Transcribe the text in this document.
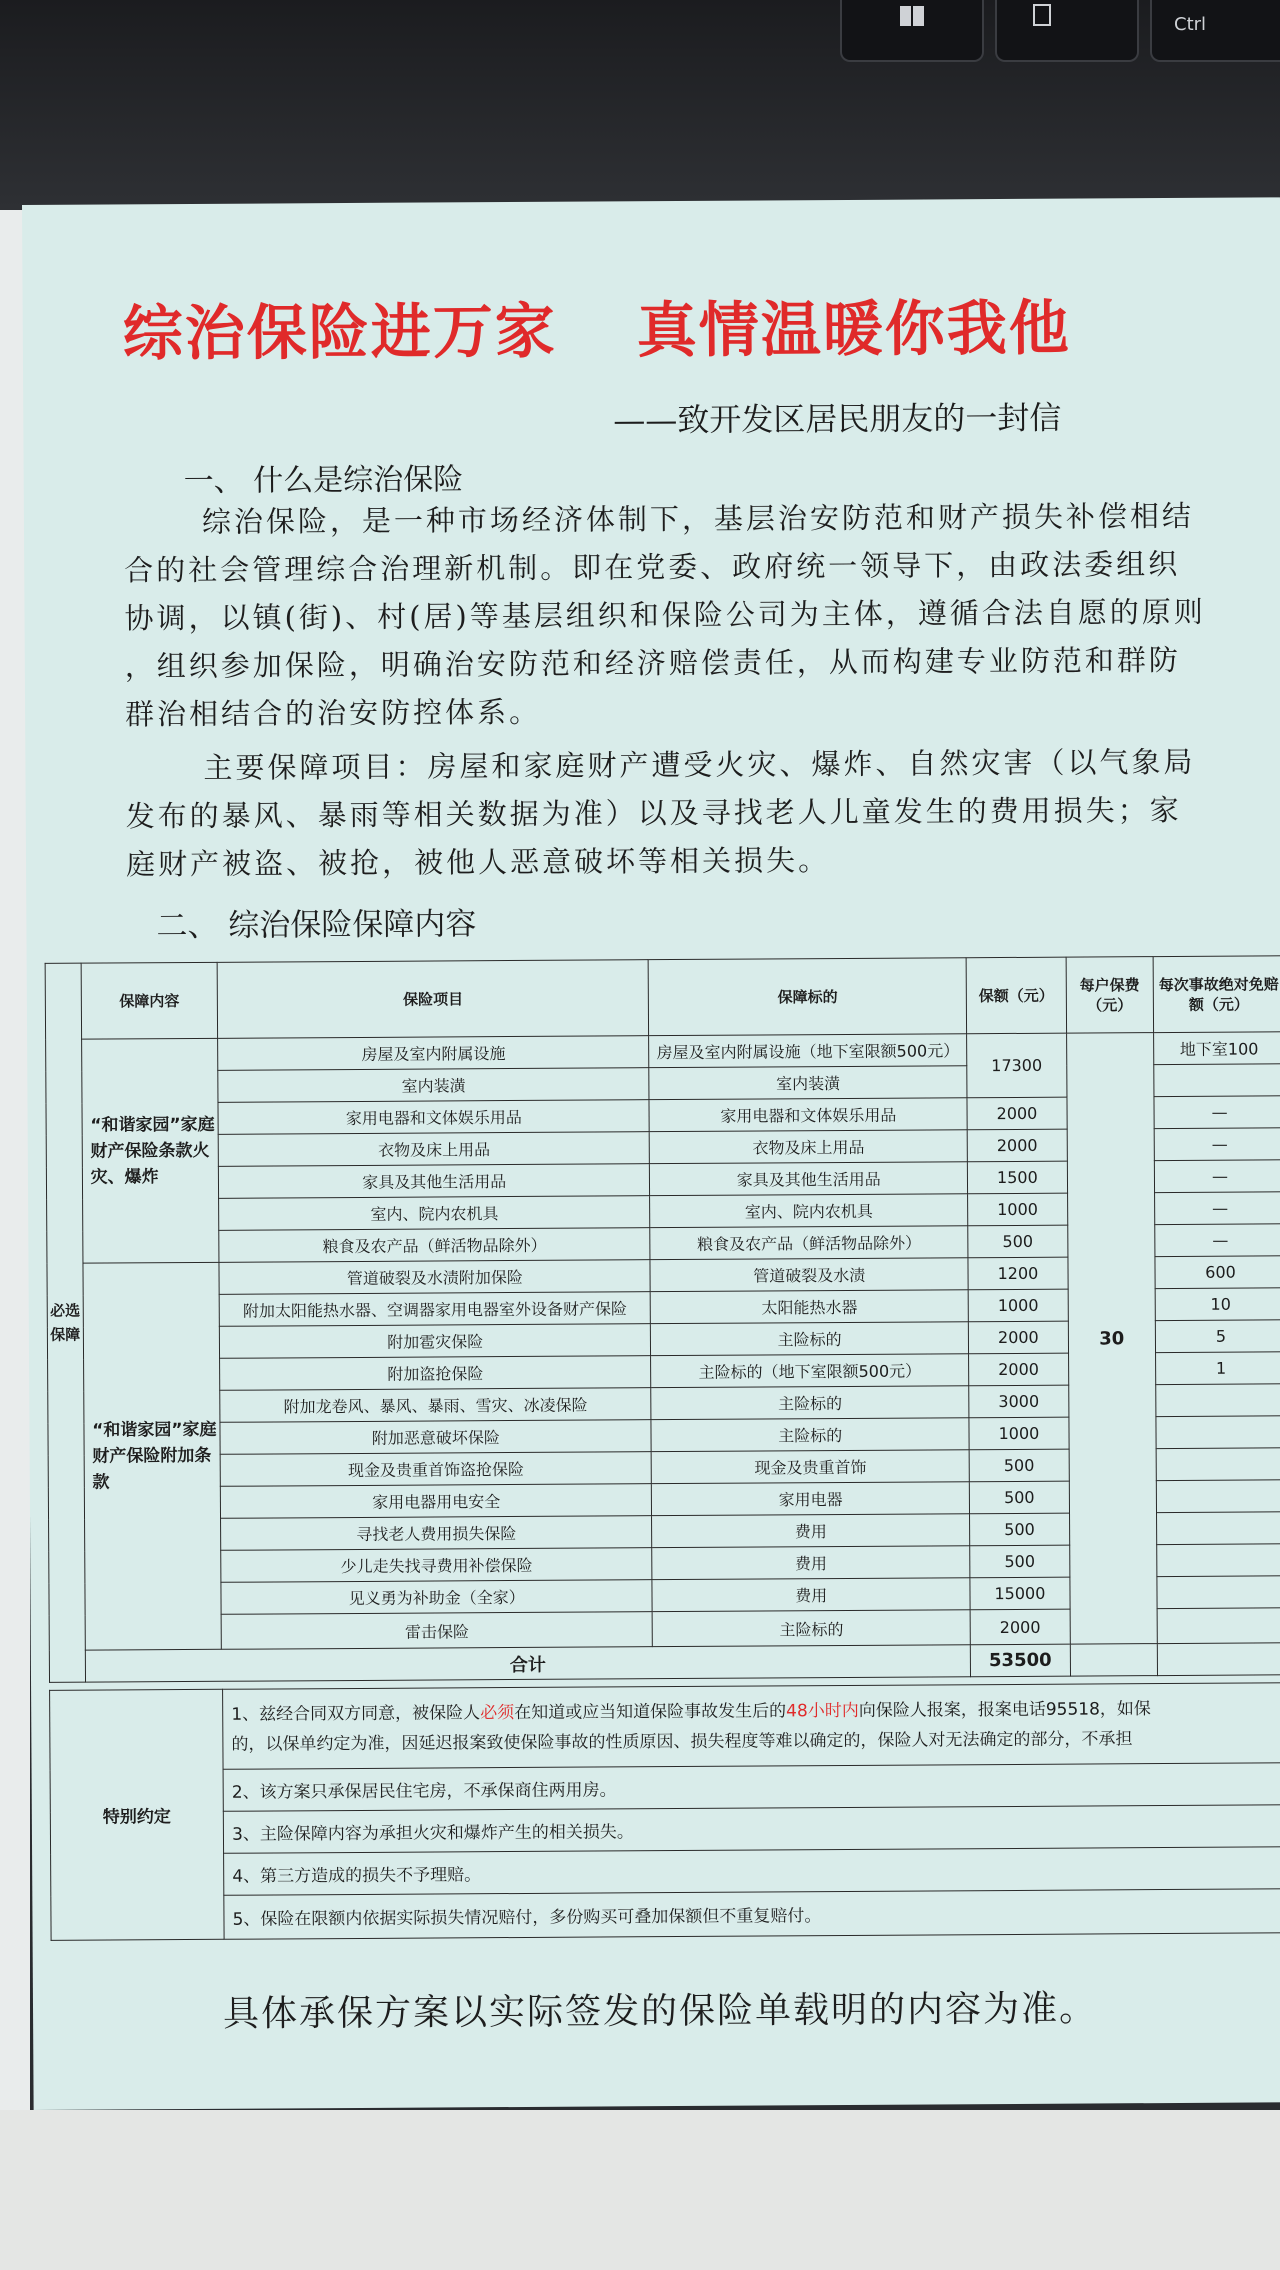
Ctrl
综治保险进万家 真情温暖你我他
——致开发区居民朋友的一封信
一、 什么是综治保险
综治保险，是一种市场经济体制下，基层治安防范和财产损失补偿相结
合的社会管理综合治理新机制。即在党委、政府统一领导下，由政法委组织
协调，以镇(街)、村(居)等基层组织和保险公司为主体，遵循合法自愿的原则
，组织参加保险，明确治安防范和经济赔偿责任，从而构建专业防范和群防
群治相结合的治安防控体系。
主要保障项目：房屋和家庭财产遭受火灾、爆炸、自然灾害（以气象局
发布的暴风、暴雨等相关数据为准）以及寻找老人儿童发生的费用损失；家
庭财产被盗、被抢，被他人恶意破坏等相关损失。
二、 综治保险保障内容
必选保障	保障内容	保险项目	保障标的	保额（元）	每户保费（元）	每次事故绝对免赔额（元）
	“和谐家园”家庭财产保险条款火灾、爆炸	房屋及室内附属设施	房屋及室内附属设施（地下室限额500元）	17300	30	地下室100
		室内装潢	室内装潢			
		家用电器和文体娱乐用品	家用电器和文体娱乐用品	2000		—
		衣物及床上用品	衣物及床上用品	2000		—
		家具及其他生活用品	家具及其他生活用品	1500		—
		室内、院内农机具	室内、院内农机具	1000		—
		粮食及农产品（鲜活物品除外）	粮食及农产品（鲜活物品除外）	500		—
	“和谐家园”家庭财产保险附加条款	管道破裂及水渍附加保险	管道破裂及水渍	1200		600
		附加太阳能热水器、空调器家用电器室外设备财产保险	太阳能热水器	1000		10
		附加雹灾保险	主险标的	2000		5
		附加盗抢保险	主险标的（地下室限额500元）	2000		1
		附加龙卷风、暴风、暴雨、雪灾、冰凌保险	主险标的	3000		
		附加恶意破坏保险	主险标的	1000		
		现金及贵重首饰盗抢保险	现金及贵重首饰	500		
		家用电器用电安全	家用电器	500		
		寻找老人费用损失保险	费用	500		
		少儿走失找寻费用补偿保险	费用	500		
		见义勇为补助金（全家）	费用	15000		
		雷击保险	主险标的	2000		
	合计			53500		
特别约定	1、兹经合同双方同意，被保险人必须在知道或应当知道保险事故发生后的48小时内向保险人报案，报案电话95518，如保
的，以保单约定为准，因延迟报案致使保险事故的性质原因、损失程度等难以确定的，保险人对无法确定的部分，不承担
2、该方案只承保居民住宅房，不承保商住两用房。
3、主险保障内容为承担火灾和爆炸产生的相关损失。
4、第三方造成的损失不予理赔。
5、保险在限额内依据实际损失情况赔付，多份购买可叠加保额但不重复赔付。
具体承保方案以实际签发的保险单载明的内容为准。
